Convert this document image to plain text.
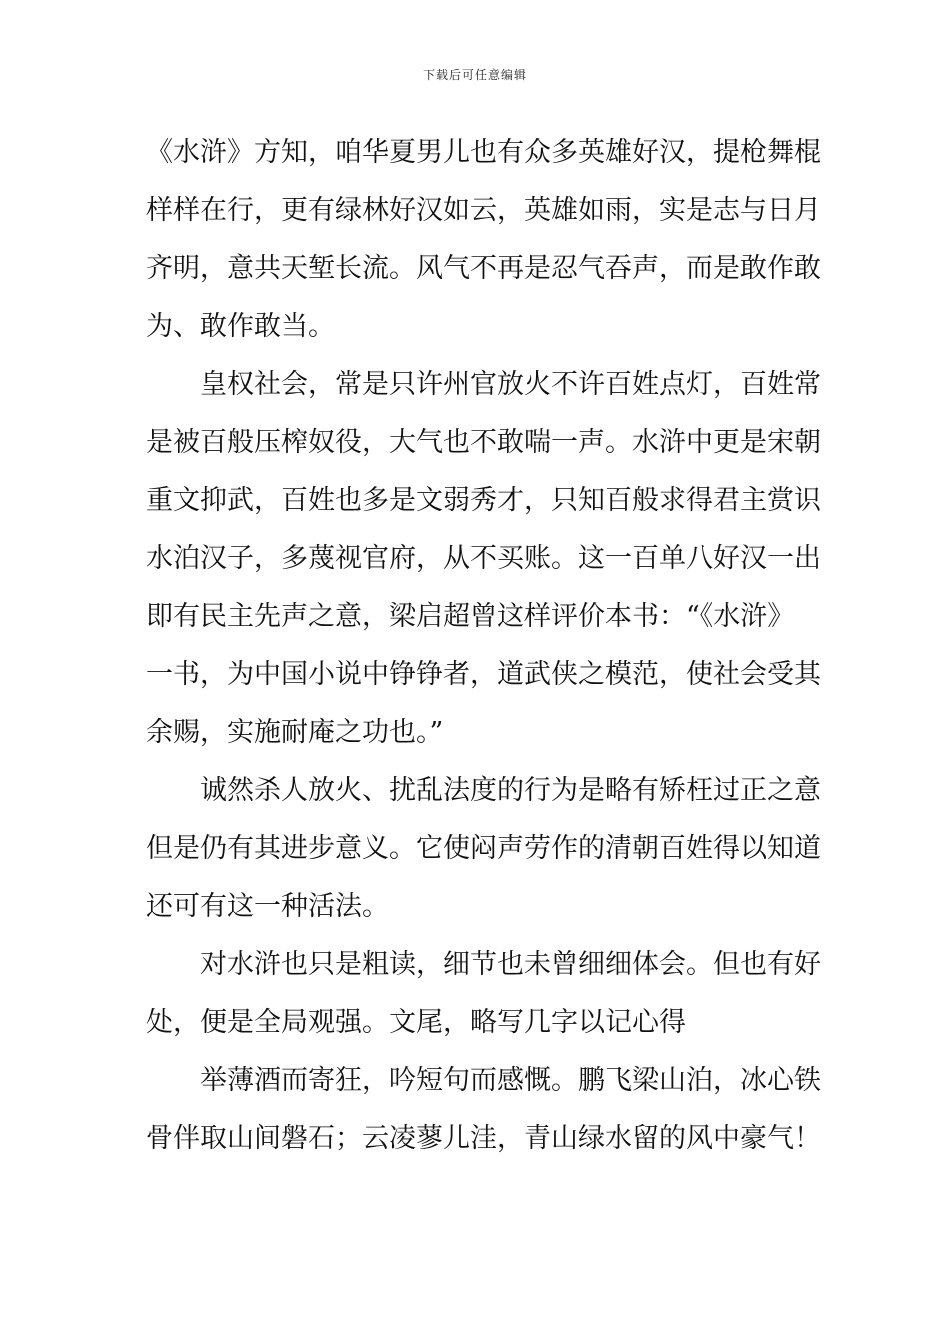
下载后可任意编辑
《水浒》方知，咱华夏男儿也有众多英雄好汉，提枪舞棍
样样在行，更有绿林好汉如云，英雄如雨，实是志与日月
齐明，意共天堑长流。风气不再是忍气吞声，而是敢作敢
为、敢作敢当。
皇权社会，常是只许州官放火不许百姓点灯，百姓常
是被百般压榨奴役，大气也不敢喘一声。水浒中更是宋朝
重文抑武，百姓也多是文弱秀才，只知百般求得君主赏识
水泊汉子，多蔑视官府，从不买账。这一百单八好汉一出
即有民主先声之意，梁启超曾这样评价本书：“《水浒》
一书，为中国小说中铮铮者，道武侠之模范，使社会受其
余赐，实施耐庵之功也。”
诚然杀人放火、扰乱法度的行为是略有矫枉过正之意
但是仍有其进步意义。它使闷声劳作的清朝百姓得以知道
还可有这一种活法。
对水浒也只是粗读，细节也未曾细细体会。但也有好
处，便是全局观强。文尾，略写几字以记心得
举薄酒而寄狂，吟短句而感慨。鹏飞梁山泊，冰心铁
骨伴取山间磐石；云凌蓼儿洼，青山绿水留的风中豪气！
